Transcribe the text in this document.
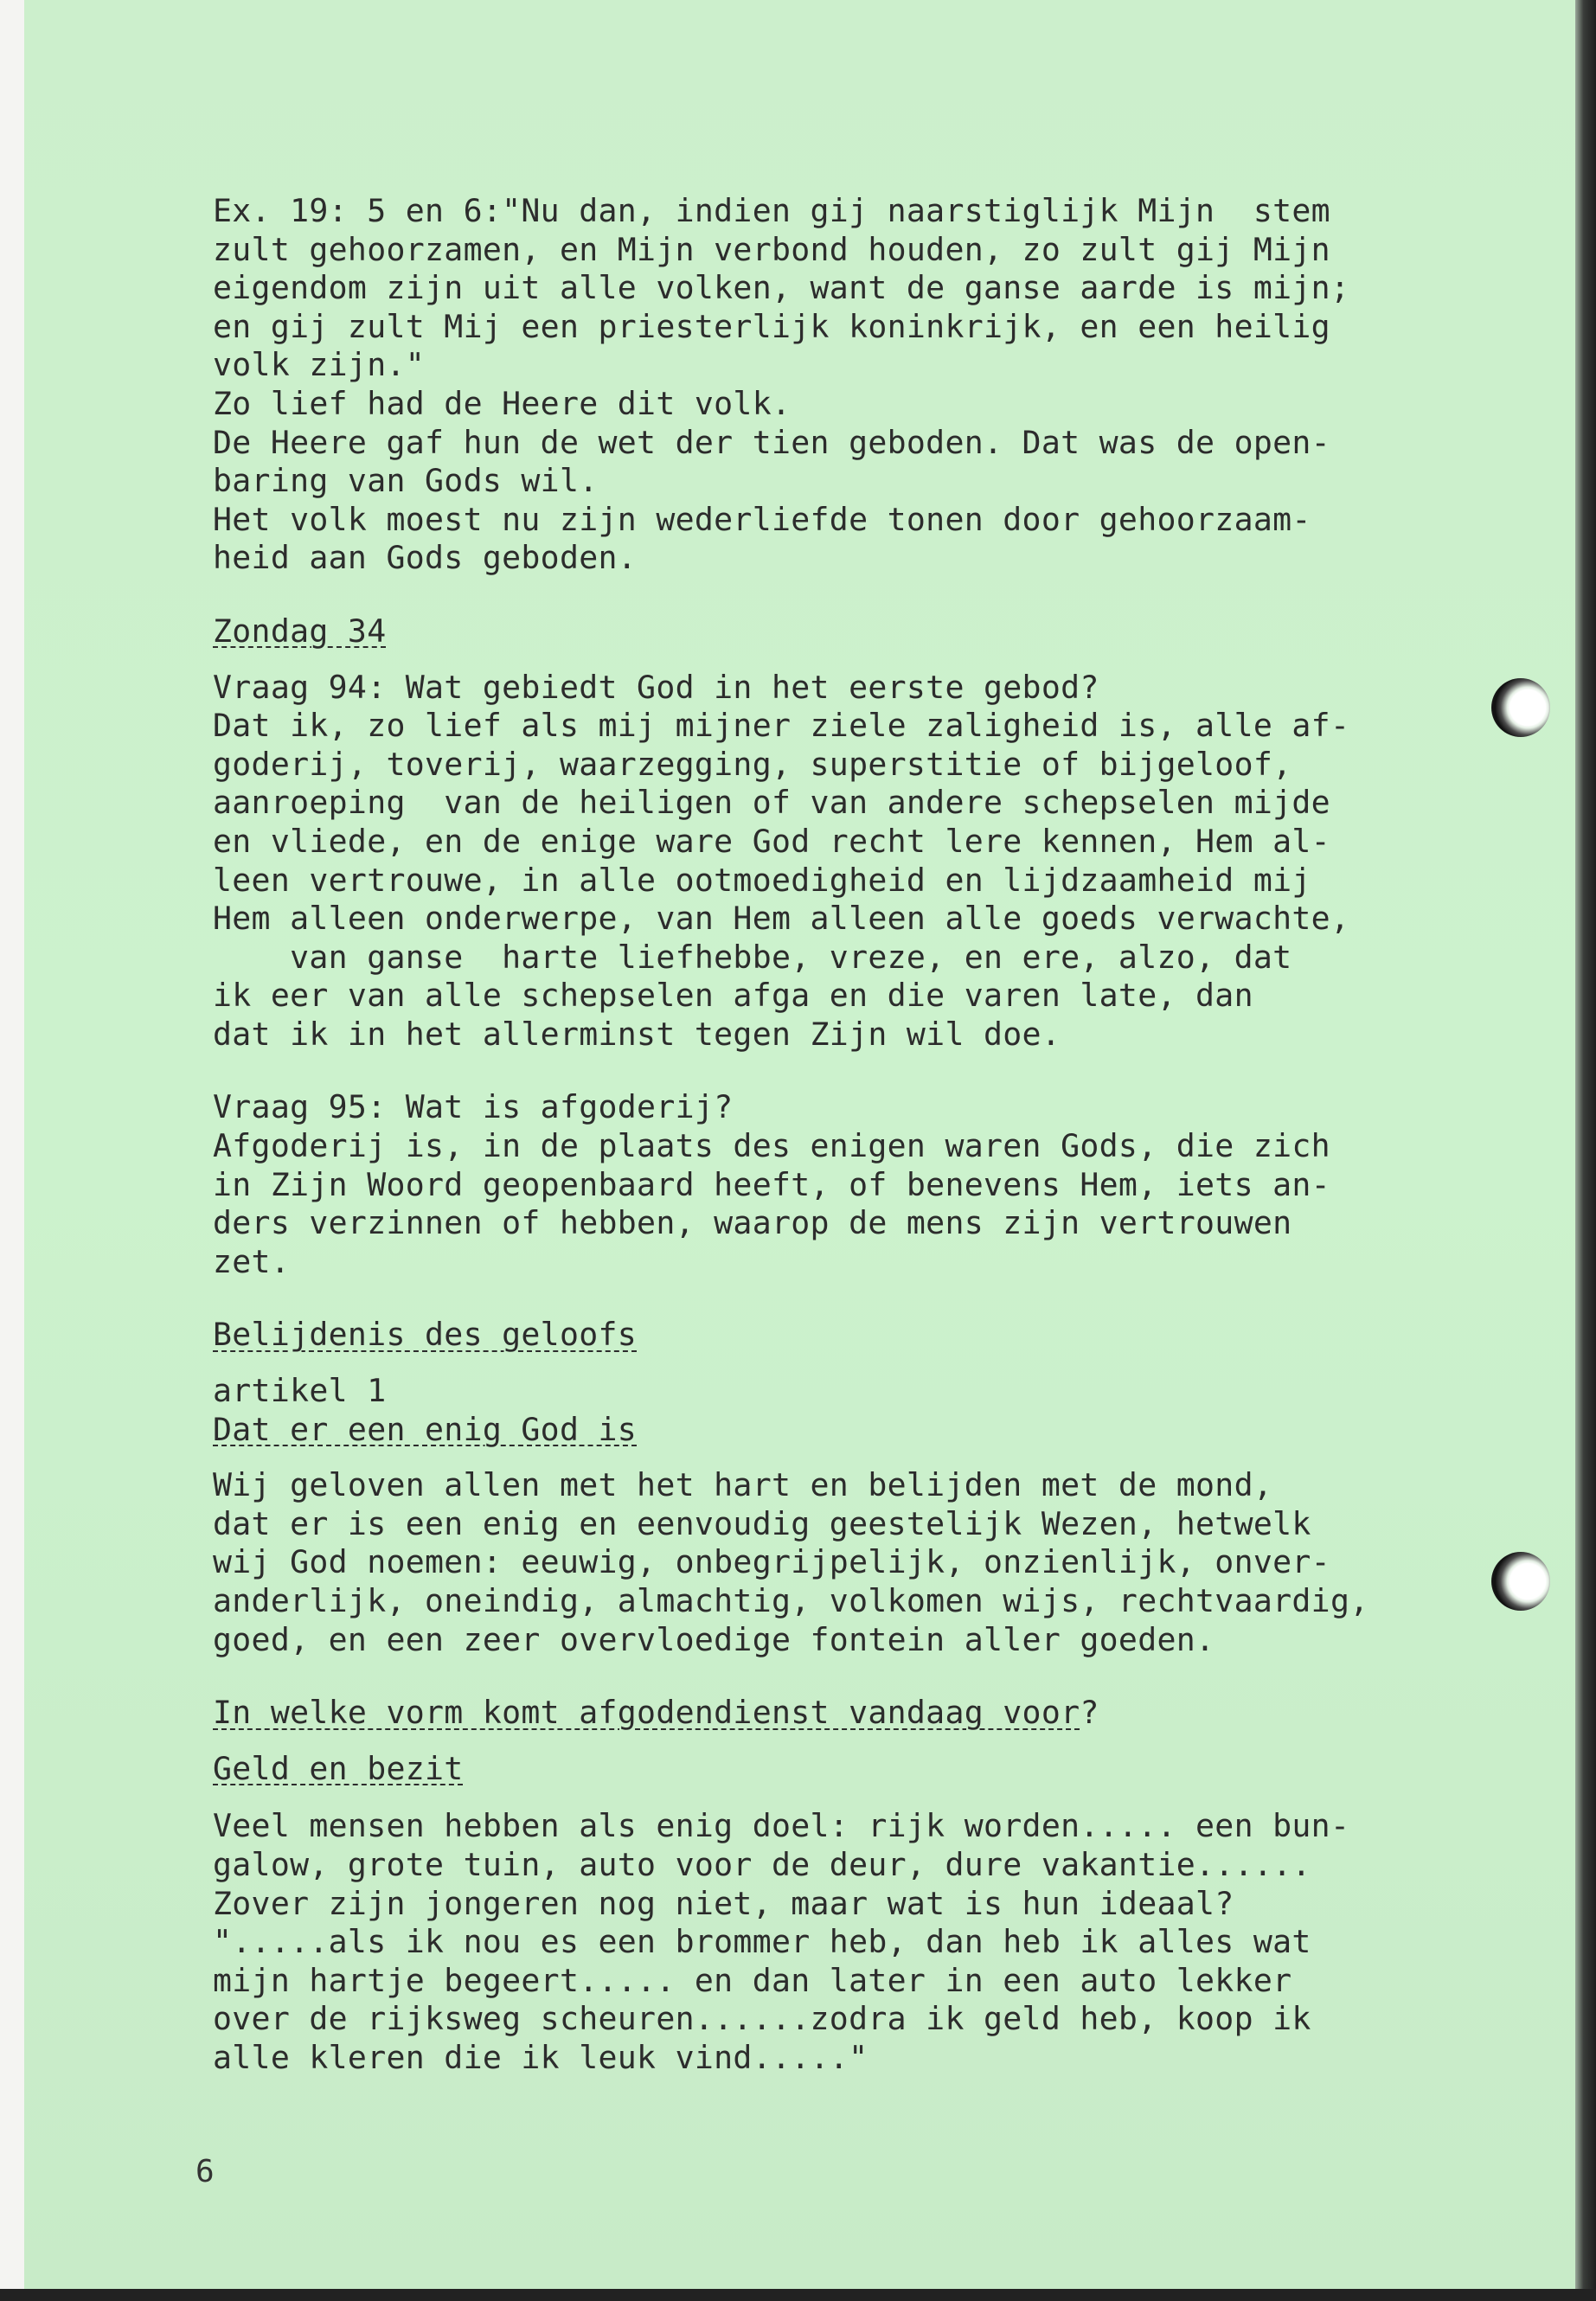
Ex. 19: 5 en 6:"Nu dan, indien gij naarstiglijk Mijn  stem
zult gehoorzamen, en Mijn verbond houden, zo zult gij Mijn
eigendom zijn uit alle volken, want de ganse aarde is mijn;
en gij zult Mij een priesterlijk koninkrijk, en een heilig
volk zijn."
Zo lief had de Heere dit volk.
De Heere gaf hun de wet der tien geboden. Dat was de open-
baring van Gods wil.
Het volk moest nu zijn wederliefde tonen door gehoorzaam-
heid aan Gods geboden.
Zondag 34
Vraag 94: Wat gebiedt God in het eerste gebod?
Dat ik, zo lief als mij mijner ziele zaligheid is, alle af-
goderij, toverij, waarzegging, superstitie of bijgeloof,
aanroeping  van de heiligen of van andere schepselen mijde
en vliede, en de enige ware God recht lere kennen, Hem al-
leen vertrouwe, in alle ootmoedigheid en lijdzaamheid mij
Hem alleen onderwerpe, van Hem alleen alle goeds verwachte,
van ganse  harte liefhebbe, vreze, en ere, alzo, dat
ik eer van alle schepselen afga en die varen late, dan
dat ik in het allerminst tegen Zijn wil doe.
Vraag 95: Wat is afgoderij?
Afgoderij is, in de plaats des enigen waren Gods, die zich
in Zijn Woord geopenbaard heeft, of benevens Hem, iets an-
ders verzinnen of hebben, waarop de mens zijn vertrouwen
zet.
Belijdenis des geloofs
artikel 1
Dat er een enig God is
Wij geloven allen met het hart en belijden met de mond,
dat er is een enig en eenvoudig geestelijk Wezen, hetwelk
wij God noemen: eeuwig, onbegrijpelijk, onzienlijk, onver-
anderlijk, oneindig, almachtig, volkomen wijs, rechtvaardig,
goed, en een zeer overvloedige fontein aller goeden.
In welke vorm komt afgodendienst vandaag voor?
Geld en bezit
Veel mensen hebben als enig doel: rijk worden..... een bun-
galow, grote tuin, auto voor de deur, dure vakantie......
Zover zijn jongeren nog niet, maar wat is hun ideaal?
".....als ik nou es een brommer heb, dan heb ik alles wat
mijn hartje begeert..... en dan later in een auto lekker
over de rijksweg scheuren......zodra ik geld heb, koop ik
alle kleren die ik leuk vind....."
6
